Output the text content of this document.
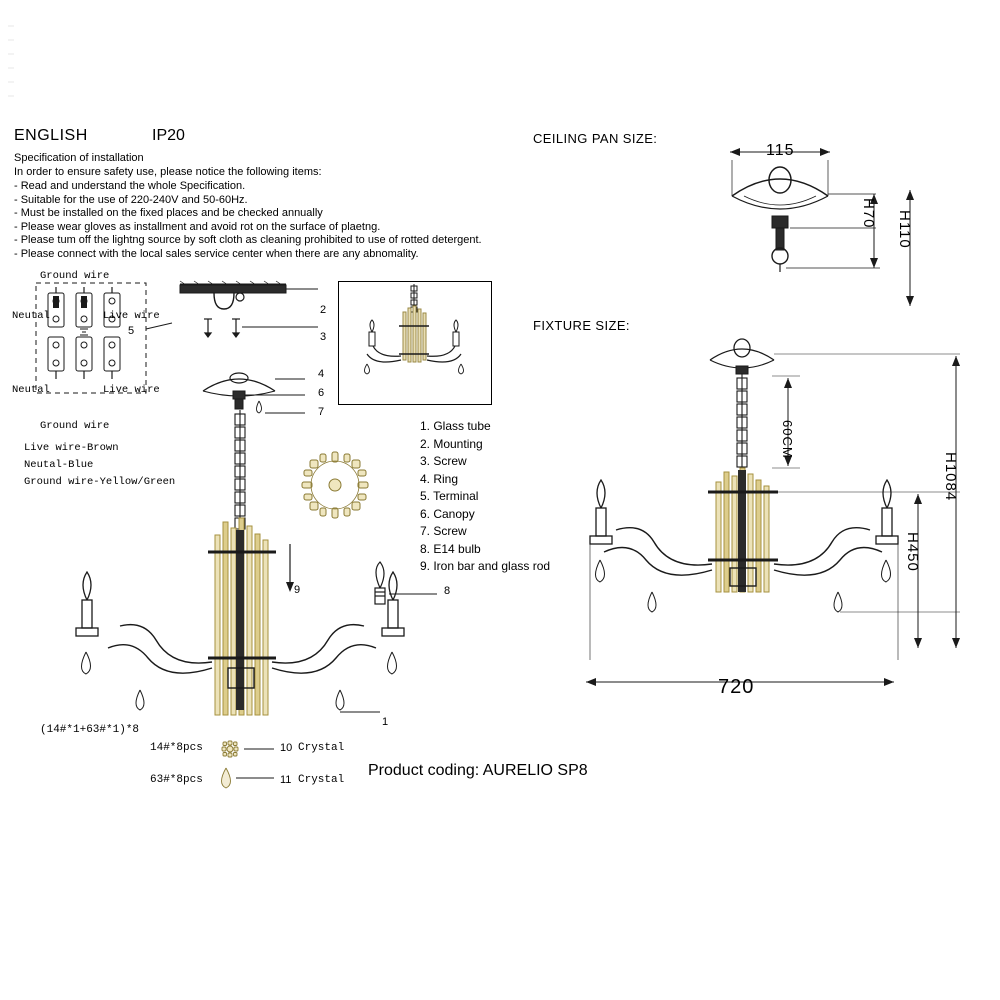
ENGLISH	IP20
Specification of installation
In order to ensure safety use, please notice the following items:
- Read and understand the whole Specification.
- Suitable for the use of 220-240V and 50-60Hz.
- Must be installed on the fixed places and be checked annually
- Please wear gloves as installment and avoid rot on the surface of plaetng.
- Please tum off the lightng source by soft cloth as cleaning prohibited to use of rotted detergent.
- Please connect with the local sales service center when there are any abnomality.
CEILING PAN SIZE:
FIXTURE SIZE:
Ground wire
Neutal	Live wire
Neutal	Live wire
Ground wire
Live wire-Brown
Neutal-Blue
Ground wire-Yellow/Green
2
3
5
4
6
7
1
9	8
1. Glass tube
2. Mounting
3. Screw
4. Ring
5. Terminal
6. Canopy
7. Screw
8. E14 bulb
9. Iron bar and glass rod
(14#*1+63#*1)*8
14#*8pcs	10 Crystal
63#*8pcs	11 Crystal
Product coding: AURELIO SP8
115
H70 H110
60CM
H1084
H450
720
